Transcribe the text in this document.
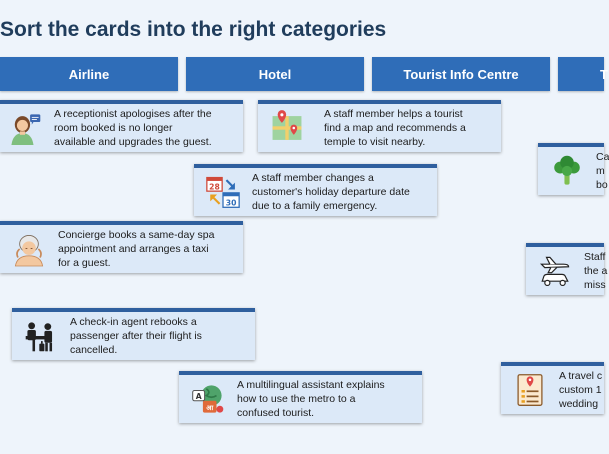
Sort the cards into the right categories
Airline	Hotel	Tourist Info Centre	T
A receptionist apologises after the
room booked is no longer
available and upgrades the guest.
A staff member helps a tourist
find a map and recommends a
temple to visit nearby.
Ca
m
bo
28
30
A staff member changes a
customer's holiday departure date
due to a family emergency.
Concierge books a same-day spa
appointment and arranges a taxi
for a guest.	Staff
the a
miss
A check-in agent rebooks a
passenger after their flight is
cancelled.
A
आ
A multilingual assistant explains
how to use the metro to a
confused tourist.
A travel c
custom 1
wedding
